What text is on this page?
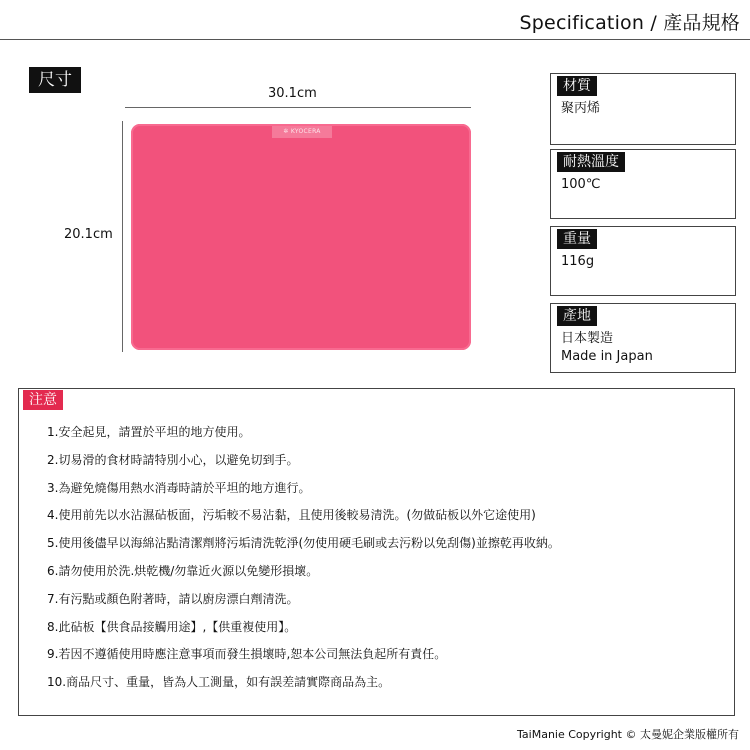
Specification / 產品規格
尺寸
30.1cm
20.1cm
✲ KYOCERA
材質
聚丙烯
耐熱溫度
100℃
重量
116g
產地
日本製造
Made in Japan
注意
1.安全起見，請置於平坦的地方使用。
2.切易滑的食材時請特別小心，以避免切到手。
3.為避免燒傷用熱水消毒時請於平坦的地方進行。
4.使用前先以水沾濕砧板面，污垢較不易沾黏，且使用後較易清洗。(勿做砧板以外它途使用)
5.使用後儘早以海綿沾點清潔劑將污垢清洗乾淨(勿使用硬毛刷或去污粉以免刮傷)並擦乾再收納。
6.請勿使用於洗.烘乾機/勿靠近火源以免變形損壞。
7.有污點或顏色附著時，請以廚房漂白劑清洗。
8.此砧板【供食品接觸用途】,【供重複使用】。
9.若因不遵循使用時應注意事項而發生損壞時,恕本公司無法負起所有責任。
10.商品尺寸、重量，皆為人工測量，如有誤差請實際商品為主。
TaiManie Copyright © 太曼妮企業版權所有
